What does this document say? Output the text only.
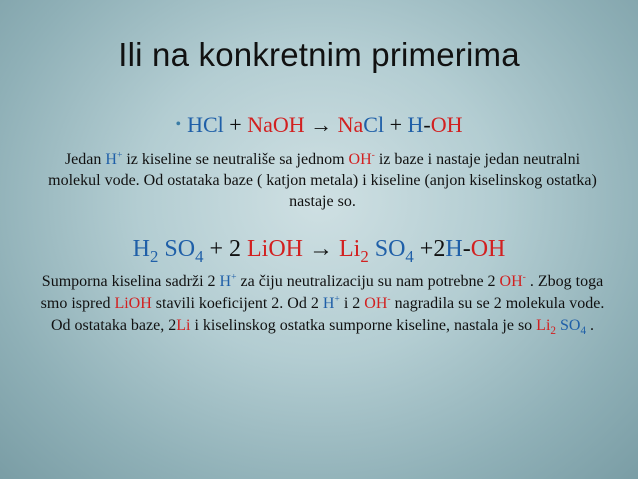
Ili na konkretnim primerima
• HCl + NaOH → NaCl + H-OH
Jedan H+ iz kiseline se neutrališe sa jednom OH- iz baze i nastaje jedan neutralni molekul vode. Od ostataka baze ( katjon metala) i kiseline (anjon kiselinskog ostatka) nastaje so.
$H_2$ $SO_4 + 2$ LiOH → $Li_2$ $SO_4 +2H-OH$
Sumporna kiselina sadrži 2 H+ za čiju neutralizaciju su nam potrebne 2 OH- . Zbog toga smo ispred LiOH stavili koeficijent 2. Od 2 H+ i 2 OH- nagradila su se 2 molekula vode. Od ostataka baze, 2Li i kiselinskog ostatka sumporne kiseline, nastala je so $Li_2$ $SO_4$ .
